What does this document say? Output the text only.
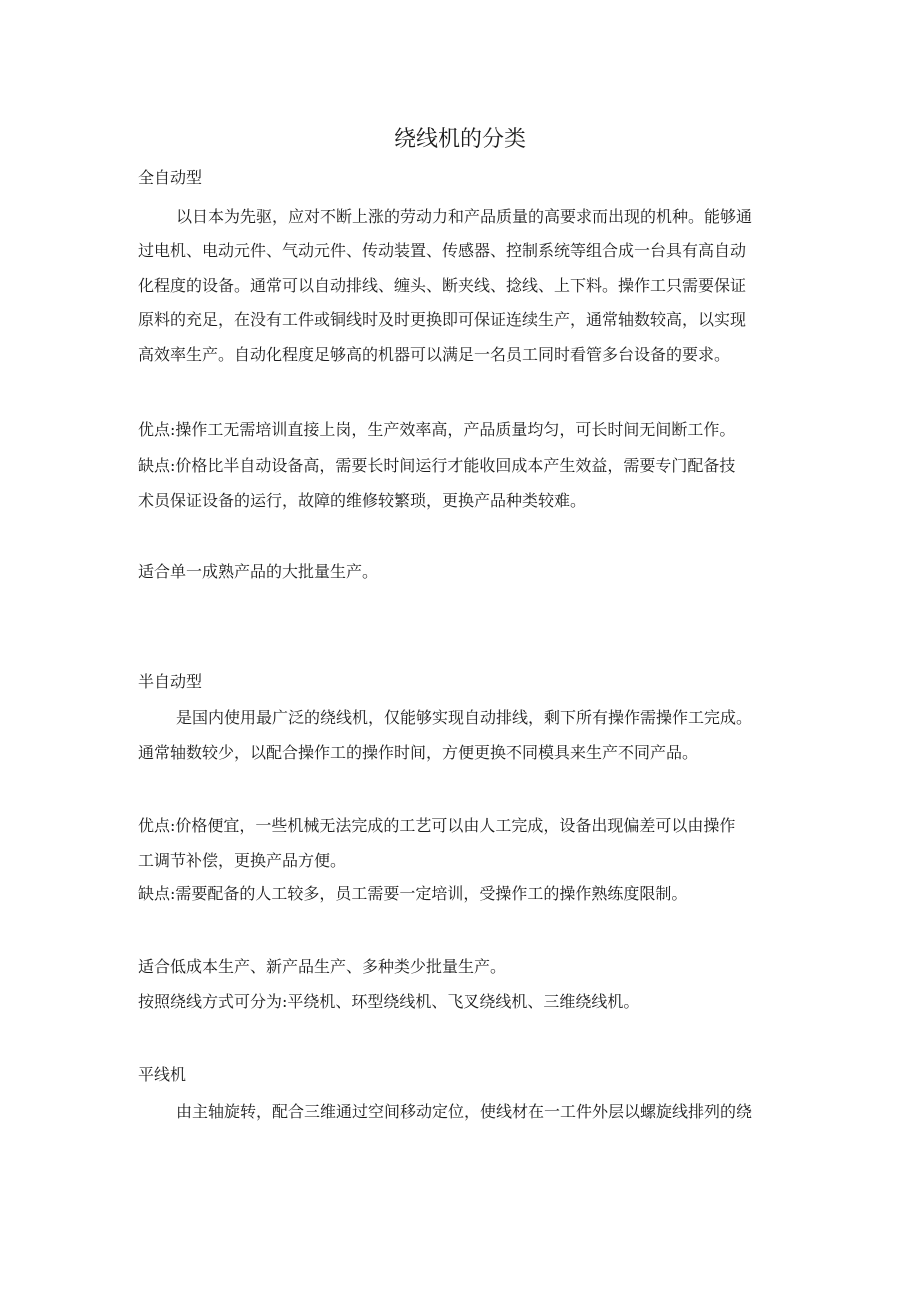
绕线机的分类
全自动型
以日本为先驱，应对不断上涨的劳动力和产品质量的高要求而出现的机种。能够通
过电机、电动元件、气动元件、传动装置、传感器、控制系统等组合成一台具有高自动
化程度的设备。通常可以自动排线、缠头、断夹线、捻线、上下料。操作工只需要保证
原料的充足，在没有工件或铜线时及时更换即可保证连续生产，通常轴数较高，以实现
高效率生产。自动化程度足够高的机器可以满足一名员工同时看管多台设备的要求。
优点:操作工无需培训直接上岗，生产效率高，产品质量均匀，可长时间无间断工作。
缺点:价格比半自动设备高，需要长时间运行才能收回成本产生效益，需要专门配备技
术员保证设备的运行，故障的维修较繁琐，更换产品种类较难。
适合单一成熟产品的大批量生产。
半自动型
是国内使用最广泛的绕线机，仅能够实现自动排线，剩下所有操作需操作工完成。
通常轴数较少，以配合操作工的操作时间，方便更换不同模具来生产不同产品。
优点:价格便宜，一些机械无法完成的工艺可以由人工完成，设备出现偏差可以由操作
工调节补偿，更换产品方便。
缺点:需要配备的人工较多，员工需要一定培训，受操作工的操作熟练度限制。
适合低成本生产、新产品生产、多种类少批量生产。
按照绕线方式可分为:平绕机、环型绕线机、飞叉绕线机、三维绕线机。
平线机
由主轴旋转，配合三维通过空间移动定位，使线材在一工件外层以螺旋线排列的绕
